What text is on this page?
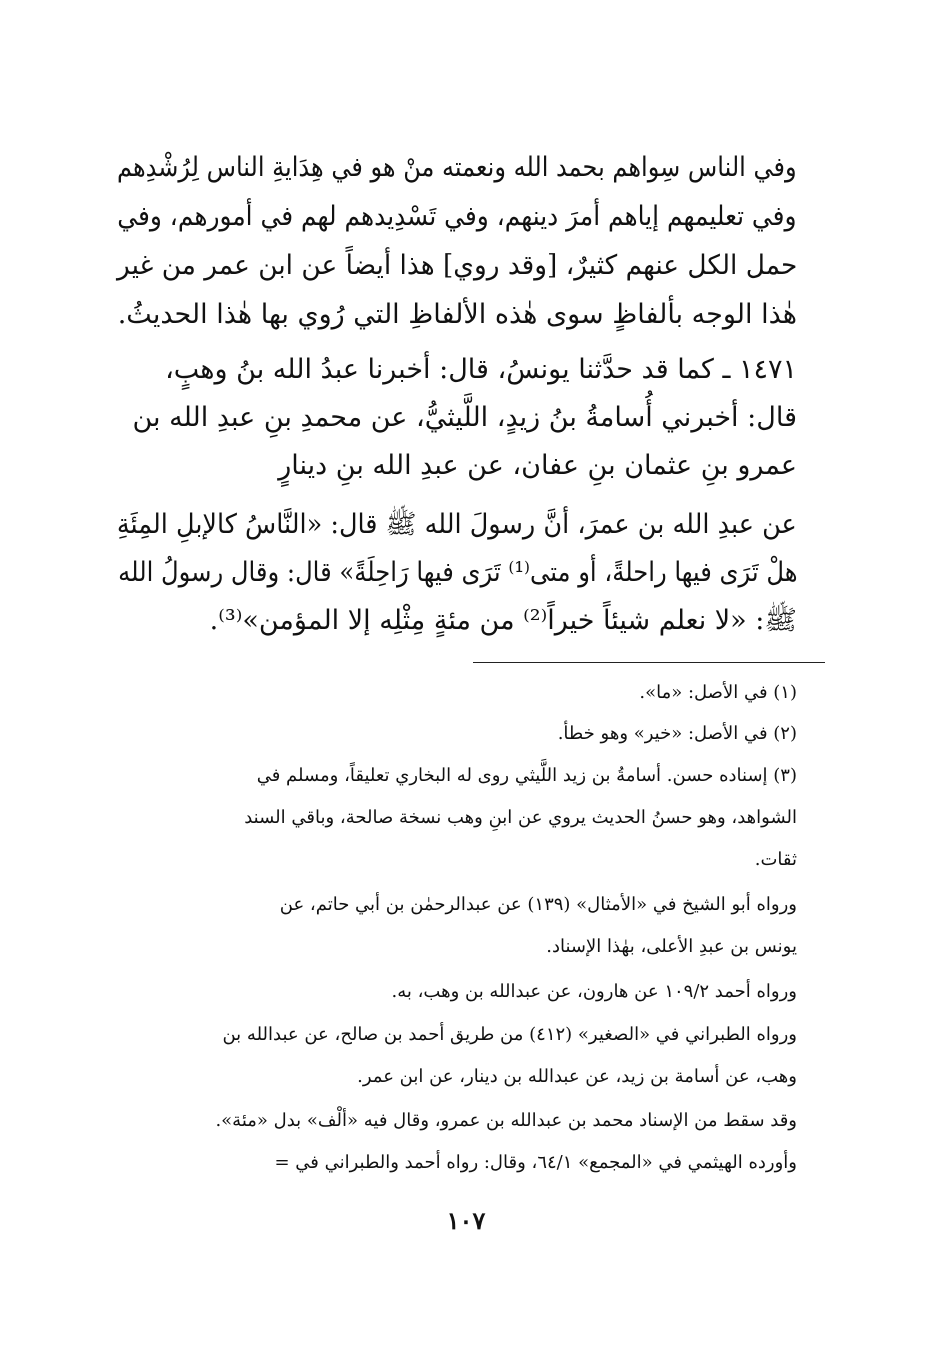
وفي الناس سِواهم بحمد الله ونعمته منْ هو في هِدَايةِ الناس لِرُشْدِهم
وفي تعليمهم إياهم أمرَ دينهم، وفي تَسْدِيدهم لهم في أمورهم، وفي
حمل الكل عنهم كثيرٌ، [وقد روي] هذا أيضاً عن ابن عمر من غير
هٰذا الوجه بألفاظٍ سوى هٰذه الألفاظِ التي رُوي بها هٰذا الحديثُ.
١٤٧١ ـ كما قد حدَّثنا يونسُ، قال: أخبرنا عبدُ الله بنُ وهبٍ،
قال: أخبرني أُسامةُ بنُ زيدٍ، اللَّيثيُّ، عن محمدِ بنِ عبدِ الله بن
عمرو بنِ عثمان بنِ عفان، عن عبدِ الله بنِ دينارٍ
عن عبدِ الله بن عمرَ، أنَّ رسولَ الله ﷺ قال: «النَّاسُ كالإبلِ المِئَةِ
هلْ تَرَى فيها راحلةً، أو متى⁽¹⁾ تَرَى فيها رَاحِلَةً» قال: وقال رسولُ الله
ﷺ: «لا نعلم شيئاً خيراً⁽²⁾ من مئةٍ مِثْلِه إلا المؤمن»⁽³⁾.
(١) في الأصل: «ما».
(٢) في الأصل: «خير» وهو خطأ.
(٣) إسناده حسن. أسامةُ بن زيد اللَّيثي روى له البخاري تعليقاً، ومسلم في
الشواهد، وهو حسنُ الحديث يروي عن ابنِ وهب نسخة صالحة، وباقي السند
ثقات.
ورواه أبو الشيخ في «الأمثال» (١٣٩) عن عبدالرحمٰن بن أبي حاتم، عن
يونس بن عبدِ الأعلى، بهٰذا الإسناد.
ورواه أحمد ١٠٩/٢ عن هارون، عن عبدالله بن وهب، به.
ورواه الطبراني في «الصغير» (٤١٢) من طريق أحمد بن صالح، عن عبدالله بن
وهب، عن أسامة بن زيد، عن عبدالله بن دينار، عن ابن عمر.
وقد سقط من الإسناد محمد بن عبدالله بن عمرو، وقال فيه «ألْف» بدل «مئة».
وأورده الهيثمي في «المجمع» ٦٤/١، وقال: رواه أحمد والطبراني في =
١٠٧
